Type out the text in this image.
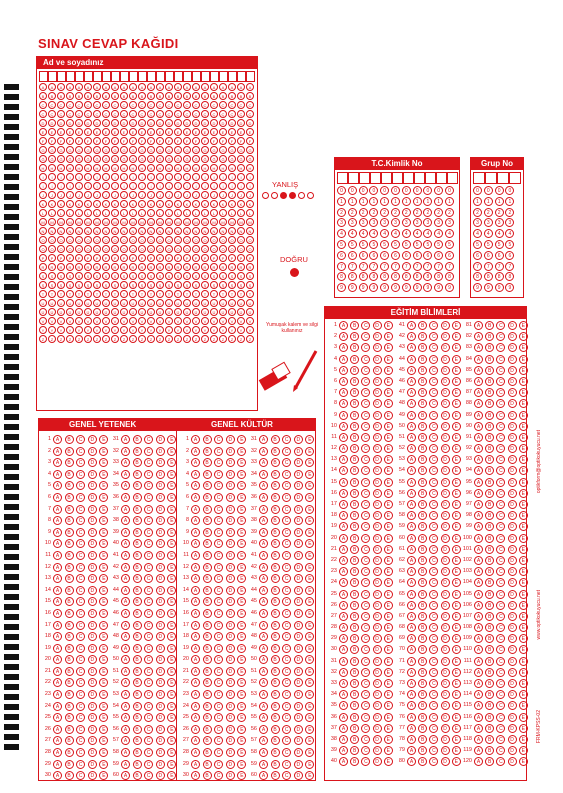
SINAV CEVAP KAĞIDI
Ad ve soyadınız
A	A	A	A	A	A	A	A	A	A	A	A	A	A	A	A	A	A	A	A	A	A	A	A
B	B	B	B	B	B	B	B	B	B	B	B	B	B	B	B	B	B	B	B	B	B	B	B
C	C	C	C	C	C	C	C	C	C	C	C	C	C	C	C	C	C	C	C	C	C	C	C
Ç	Ç	Ç	Ç	Ç	Ç	Ç	Ç	Ç	Ç	Ç	Ç	Ç	Ç	Ç	Ç	Ç	Ç	Ç	Ç	Ç	Ç	Ç	Ç
D	D	D	D	D	D	D	D	D	D	D	D	D	D	D	D	D	D	D	D	D	D	D	D
E	E	E	E	E	E	E	E	E	E	E	E	E	E	E	E	E	E	E	E	E	E	E	E
F	F	F	F	F	F	F	F	F	F	F	F	F	F	F	F	F	F	F	F	F	F	F	F
G	G	G	G	G	G	G	G	G	G	G	G	G	G	G	G	G	G	G	G	G	G	G	G
Ğ	Ğ	Ğ	Ğ	Ğ	Ğ	Ğ	Ğ	Ğ	Ğ	Ğ	Ğ	Ğ	Ğ	Ğ	Ğ	Ğ	Ğ	Ğ	Ğ	Ğ	Ğ	Ğ	Ğ
H	H	H	H	H	H	H	H	H	H	H	H	H	H	H	H	H	H	H	H	H	H	H	H
I	I	I	I	I	I	I	I	I	I	I	I	I	I	I	I	I	I	I	I	I	I	I	I
İ	İ	İ	İ	İ	İ	İ	İ	İ	İ	İ	İ	İ	İ	İ	İ	İ	İ	İ	İ	İ	İ	İ	İ
J	J	J	J	J	J	J	J	J	J	J	J	J	J	J	J	J	J	J	J	J	J	J	J
K	K	K	K	K	K	K	K	K	K	K	K	K	K	K	K	K	K	K	K	K	K	K	K
L	L	L	L	L	L	L	L	L	L	L	L	L	L	L	L	L	L	L	L	L	L	L	L
M	M	M	M	M	M	M	M	M	M	M	M	M	M	M	M	M	M	M	M	M	M	M	M
N	N	N	N	N	N	N	N	N	N	N	N	N	N	N	N	N	N	N	N	N	N	N	N
O	O	O	O	O	O	O	O	O	O	O	O	O	O	O	O	O	O	O	O	O	O	O	O
Ö	Ö	Ö	Ö	Ö	Ö	Ö	Ö	Ö	Ö	Ö	Ö	Ö	Ö	Ö	Ö	Ö	Ö	Ö	Ö	Ö	Ö	Ö	Ö
P	P	P	P	P	P	P	P	P	P	P	P	P	P	P	P	P	P	P	P	P	P	P	P
R	R	R	R	R	R	R	R	R	R	R	R	R	R	R	R	R	R	R	R	R	R	R	R
S	S	S	S	S	S	S	S	S	S	S	S	S	S	S	S	S	S	S	S	S	S	S	S
Ş	Ş	Ş	Ş	Ş	Ş	Ş	Ş	Ş	Ş	Ş	Ş	Ş	Ş	Ş	Ş	Ş	Ş	Ş	Ş	Ş	Ş	Ş	Ş
T	T	T	T	T	T	T	T	T	T	T	T	T	T	T	T	T	T	T	T	T	T	T	T
U	U	U	U	U	U	U	U	U	U	U	U	U	U	U	U	U	U	U	U	U	U	U	U
Ü	Ü	Ü	Ü	Ü	Ü	Ü	Ü	Ü	Ü	Ü	Ü	Ü	Ü	Ü	Ü	Ü	Ü	Ü	Ü	Ü	Ü	Ü	Ü
V	V	V	V	V	V	V	V	V	V	V	V	V	V	V	V	V	V	V	V	V	V	V	V
Y	Y	Y	Y	Y	Y	Y	Y	Y	Y	Y	Y	Y	Y	Y	Y	Y	Y	Y	Y	Y	Y	Y	Y
Z	Z	Z	Z	Z	Z	Z	Z	Z	Z	Z	Z	Z	Z	Z	Z	Z	Z	Z	Z	Z	Z	Z	Z
YANLIŞ
DOĞRU
Yumuşak kalem ve silgi kullanınız
T.C.Kimlik No
0	0	0	0	0	0	0	0	0	0	0
1	1	1	1	1	1	1	1	1	1	1
2	2	2	2	2	2	2	2	2	2	2
3	3	3	3	3	3	3	3	3	3	3
4	4	4	4	4	4	4	4	4	4	4
5	5	5	5	5	5	5	5	5	5	5
6	6	6	6	6	6	6	6	6	6	6
7	7	7	7	7	7	7	7	7	7	7
8	8	8	8	8	8	8	8	8	8	8
9	9	9	9	9	9	9	9	9	9	9
Grup No
0	0	0	0
1	1	1	1
2	2	2	2
3	3	3	3
4	4	4	4
5	5	5	5
6	6	6	6
7	7	7	7
8	8	8	8
9	9	9	9
EĞİTİM BİLİMLERİ
1 A	B	C	D	E
2 A	B	C	D	E
3 A	B	C	D	E
4 A	B	C	D	E
5 A	B	C	D	E
6 A	B	C	D	E
7 A	B	C	D	E
8 A	B	C	D	E
9 A	B	C	D	E
10 A	B	C	D	E
11 A	B	C	D	E
12 A	B	C	D	E
13 A	B	C	D	E
14 A	B	C	D	E
15 A	B	C	D	E
16 A	B	C	D	E
17 A	B	C	D	E
18 A	B	C	D	E
19 A	B	C	D	E
20 A	B	C	D	E
21 A	B	C	D	E
22 A	B	C	D	E
23 A	B	C	D	E
24 A	B	C	D	E
25 A	B	C	D	E
26 A	B	C	D	E
27 A	B	C	D	E
28 A	B	C	D	E
29 A	B	C	D	E
30 A	B	C	D	E
31 A	B	C	D	E
32 A	B	C	D	E
33 A	B	C	D	E
34 A	B	C	D	E
35 A	B	C	D	E
36 A	B	C	D	E
37 A	B	C	D	E
38 A	B	C	D	E
39 A	B	C	D	E
40 A	B	C	D	E
41 A	B	C	D	E
42 A	B	C	D	E
43 A	B	C	D	E
44 A	B	C	D	E
45 A	B	C	D	E
46 A	B	C	D	E
47 A	B	C	D	E
48 A	B	C	D	E
49 A	B	C	D	E
50 A	B	C	D	E
51 A	B	C	D	E
52 A	B	C	D	E
53 A	B	C	D	E
54 A	B	C	D	E
55 A	B	C	D	E
56 A	B	C	D	E
57 A	B	C	D	E
58 A	B	C	D	E
59 A	B	C	D	E
60 A	B	C	D	E
61 A	B	C	D	E
62 A	B	C	D	E
63 A	B	C	D	E
64 A	B	C	D	E
65 A	B	C	D	E
66 A	B	C	D	E
67 A	B	C	D	E
68 A	B	C	D	E
69 A	B	C	D	E
70 A	B	C	D	E
71 A	B	C	D	E
72 A	B	C	D	E
73 A	B	C	D	E
74 A	B	C	D	E
75 A	B	C	D	E
76 A	B	C	D	E
77 A	B	C	D	E
78 A	B	C	D	E
79 A	B	C	D	E
80 A	B	C	D	E
81 A	B	C	D	E
82 A	B	C	D	E
83 A	B	C	D	E
84 A	B	C	D	E
85 A	B	C	D	E
86 A	B	C	D	E
87 A	B	C	D	E
88 A	B	C	D	E
89 A	B	C	D	E
90 A	B	C	D	E
91 A	B	C	D	E
92 A	B	C	D	E
93 A	B	C	D	E
94 A	B	C	D	E
95 A	B	C	D	E
96 A	B	C	D	E
97 A	B	C	D	E
98 A	B	C	D	E
99 A	B	C	D	E
100 A	B	C	D	E
101 A	B	C	D	E
102 A	B	C	D	E
103 A	B	C	D	E
104 A	B	C	D	E
105 A	B	C	D	E
106 A	B	C	D	E
107 A	B	C	D	E
108 A	B	C	D	E
109 A	B	C	D	E
110 A	B	C	D	E
111 A	B	C	D	E
112 A	B	C	D	E
113 A	B	C	D	E
114 A	B	C	D	E
115 A	B	C	D	E
116 A	B	C	D	E
117 A	B	C	D	E
118 A	B	C	D	E
119 A	B	C	D	E
120 A	B	C	D	E
GENEL YETENEK	GENEL KÜLTÜR
1 A	B	C	D	E
2 A	B	C	D	E
3 A	B	C	D	E
4 A	B	C	D	E
5 A	B	C	D	E
6 A	B	C	D	E
7 A	B	C	D	E
8 A	B	C	D	E
9 A	B	C	D	E
10 A	B	C	D	E
11 A	B	C	D	E
12 A	B	C	D	E
13 A	B	C	D	E
14 A	B	C	D	E
15 A	B	C	D	E
16 A	B	C	D	E
17 A	B	C	D	E
18 A	B	C	D	E
19 A	B	C	D	E
20 A	B	C	D	E
21 A	B	C	D	E
22 A	B	C	D	E
23 A	B	C	D	E
24 A	B	C	D	E
25 A	B	C	D	E
26 A	B	C	D	E
27 A	B	C	D	E
28 A	B	C	D	E
29 A	B	C	D	E
30 A	B	C	D	E
31 A	B	C	D	E
32 A	B	C	D	E
33 A	B	C	D	E
34 A	B	C	D	E
35 A	B	C	D	E
36 A	B	C	D	E
37 A	B	C	D	E
38 A	B	C	D	E
39 A	B	C	D	E
40 A	B	C	D	E
41 A	B	C	D	E
42 A	B	C	D	E
43 A	B	C	D	E
44 A	B	C	D	E
45 A	B	C	D	E
46 A	B	C	D	E
47 A	B	C	D	E
48 A	B	C	D	E
49 A	B	C	D	E
50 A	B	C	D	E
51 A	B	C	D	E
52 A	B	C	D	E
53 A	B	C	D	E
54 A	B	C	D	E
55 A	B	C	D	E
56 A	B	C	D	E
57 A	B	C	D	E
58 A	B	C	D	E
59 A	B	C	D	E
60 A	B	C	D	E
1 A	B	C	D	E
2 A	B	C	D	E
3 A	B	C	D	E
4 A	B	C	D	E
5 A	B	C	D	E
6 A	B	C	D	E
7 A	B	C	D	E
8 A	B	C	D	E
9 A	B	C	D	E
10 A	B	C	D	E
11 A	B	C	D	E
12 A	B	C	D	E
13 A	B	C	D	E
14 A	B	C	D	E
15 A	B	C	D	E
16 A	B	C	D	E
17 A	B	C	D	E
18 A	B	C	D	E
19 A	B	C	D	E
20 A	B	C	D	E
21 A	B	C	D	E
22 A	B	C	D	E
23 A	B	C	D	E
24 A	B	C	D	E
25 A	B	C	D	E
26 A	B	C	D	E
27 A	B	C	D	E
28 A	B	C	D	E
29 A	B	C	D	E
30 A	B	C	D	E
31 A	B	C	D	E
32 A	B	C	D	E
33 A	B	C	D	E
34 A	B	C	D	E
35 A	B	C	D	E
36 A	B	C	D	E
37 A	B	C	D	E
38 A	B	C	D	E
39 A	B	C	D	E
40 A	B	C	D	E
41 A	B	C	D	E
42 A	B	C	D	E
43 A	B	C	D	E
44 A	B	C	D	E
45 A	B	C	D	E
46 A	B	C	D	E
47 A	B	C	D	E
48 A	B	C	D	E
49 A	B	C	D	E
50 A	B	C	D	E
51 A	B	C	D	E
52 A	B	C	D	E
53 A	B	C	D	E
54 A	B	C	D	E
55 A	B	C	D	E
56 A	B	C	D	E
57 A	B	C	D	E
58 A	B	C	D	E
59 A	B	C	D	E
60 A	B	C	D	E
optikform@optikokuyucu.net
www.optikokuyucu.net
FRM-KPSS-02
